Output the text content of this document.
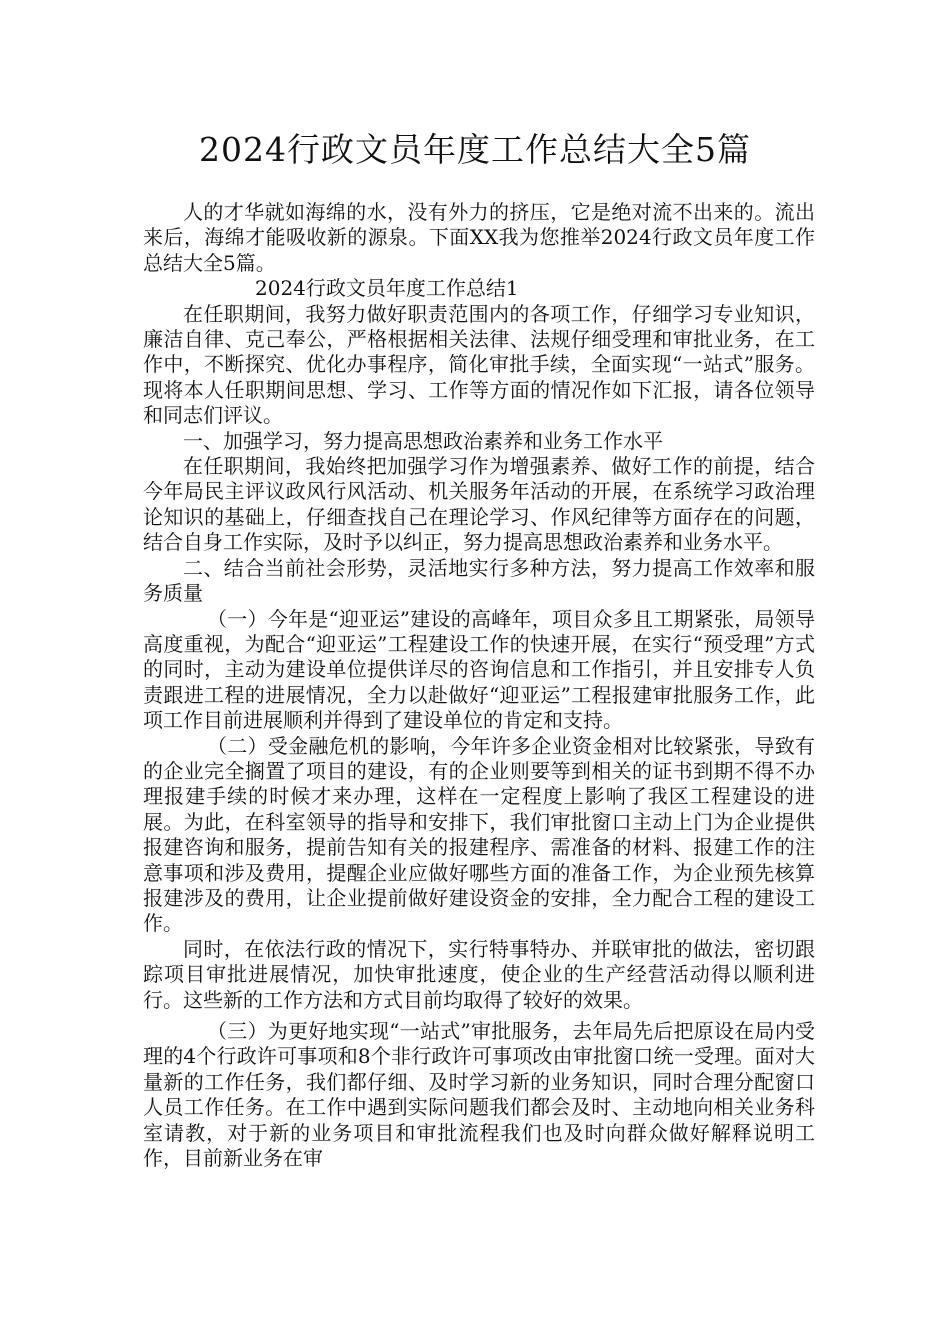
2024行政文员年度工作总结大全5篇

人的才华就如海绵的水，没有外力的挤压，它是绝对流不出来的。流出来后，海绵才能吸收新的源泉。下面XX我为您推举2024行政文员年度工作总结大全5篇。

2024行政文员年度工作总结1

在任职期间，我努力做好职责范围内的各项工作，仔细学习专业知识，廉洁自律、克己奉公，严格根据相关法律、法规仔细受理和审批业务，在工作中，不断探究、优化办事程序，简化审批手续，全面实现“一站式”服务。现将本人任职期间思想、学习、工作等方面的情况作如下汇报，请各位领导和同志们评议。

一、加强学习，努力提高思想政治素养和业务工作水平

在任职期间，我始终把加强学习作为增强素养、做好工作的前提，结合今年局民主评议政风行风活动、机关服务年活动的开展，在系统学习政治理论知识的基础上，仔细查找自己在理论学习、作风纪律等方面存在的问题，结合自身工作实际，及时予以纠正，努力提高思想政治素养和业务水平。

二、结合当前社会形势，灵活地实行多种方法，努力提高工作效率和服务质量

（一）今年是“迎亚运”建设的高峰年，项目众多且工期紧张，局领导高度重视，为配合“迎亚运”工程建设工作的快速开展，在实行“预受理”方式的同时，主动为建设单位提供详尽的咨询信息和工作指引，并且安排专人负责跟进工程的进展情况，全力以赴做好“迎亚运”工程报建审批服务工作，此项工作目前进展顺利并得到了建设单位的肯定和支持。

（二）受金融危机的影响，今年许多企业资金相对比较紧张，导致有的企业完全搁置了项目的建设，有的企业则要等到相关的证书到期不得不办理报建手续的时候才来办理，这样在一定程度上影响了我区工程建设的进展。为此，在科室领导的指导和安排下，我们审批窗口主动上门为企业提供报建咨询和服务，提前告知有关的报建程序、需准备的材料、报建工作的注意事项和涉及费用，提醒企业应做好哪些方面的准备工作，为企业预先核算报建涉及的费用，让企业提前做好建设资金的安排，全力配合工程的建设工作。

同时，在依法行政的情况下，实行特事特办、并联审批的做法，密切跟踪项目审批进展情况，加快审批速度，使企业的生产经营活动得以顺利进行。这些新的工作方法和方式目前均取得了较好的效果。

（三）为更好地实现“一站式”审批服务，去年局先后把原设在局内受理的4个行政许可事项和8个非行政许可事项改由审批窗口统一受理。面对大量新的工作任务，我们都仔细、及时学习新的业务知识，同时合理分配窗口人员工作任务。在工作中遇到实际问题我们都会及时、主动地向相关业务科室请教，对于新的业务项目和审批流程我们也及时向群众做好解释说明工作，目前新业务在审
